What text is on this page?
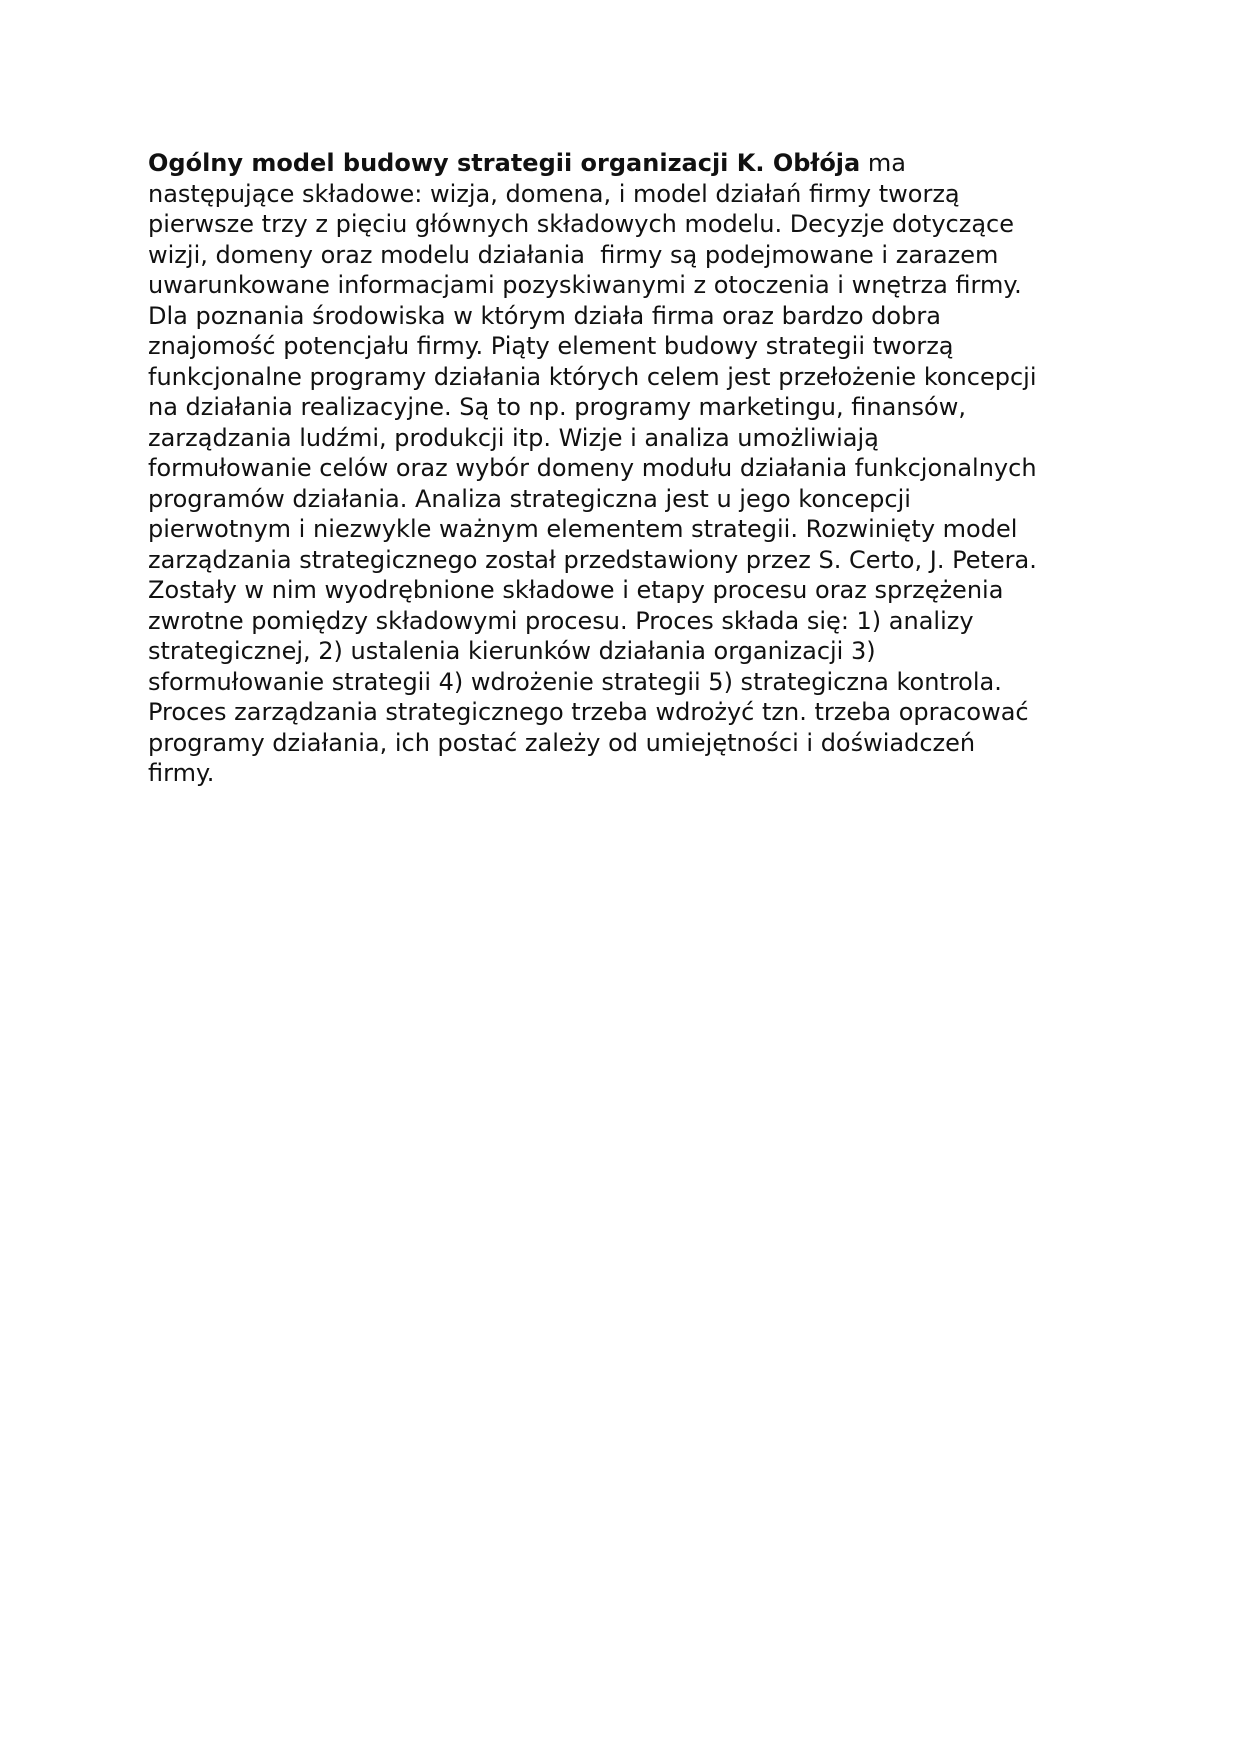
Ogólny model budowy strategii organizacji K. Obłója ma
następujące składowe: wizja, domena, i model działań firmy tworzą
pierwsze trzy z pięciu głównych składowych modelu. Decyzje dotyczące
wizji, domeny oraz modelu działania  firmy są podejmowane i zarazem
uwarunkowane informacjami pozyskiwanymi z otoczenia i wnętrza firmy.
Dla poznania środowiska w którym działa firma oraz bardzo dobra
znajomość potencjału firmy. Piąty element budowy strategii tworzą
funkcjonalne programy działania których celem jest przełożenie koncepcji
na działania realizacyjne. Są to np. programy marketingu, finansów,
zarządzania ludźmi, produkcji itp. Wizje i analiza umożliwiają
formułowanie celów oraz wybór domeny modułu działania funkcjonalnych
programów działania. Analiza strategiczna jest u jego koncepcji
pierwotnym i niezwykle ważnym elementem strategii. Rozwinięty model
zarządzania strategicznego został przedstawiony przez S. Certo, J. Petera.
Zostały w nim wyodrębnione składowe i etapy procesu oraz sprzężenia
zwrotne pomiędzy składowymi procesu. Proces składa się: 1) analizy
strategicznej, 2) ustalenia kierunków działania organizacji 3)
sformułowanie strategii 4) wdrożenie strategii 5) strategiczna kontrola.
Proces zarządzania strategicznego trzeba wdrożyć tzn. trzeba opracować
programy działania, ich postać zależy od umiejętności i doświadczeń
firmy.
